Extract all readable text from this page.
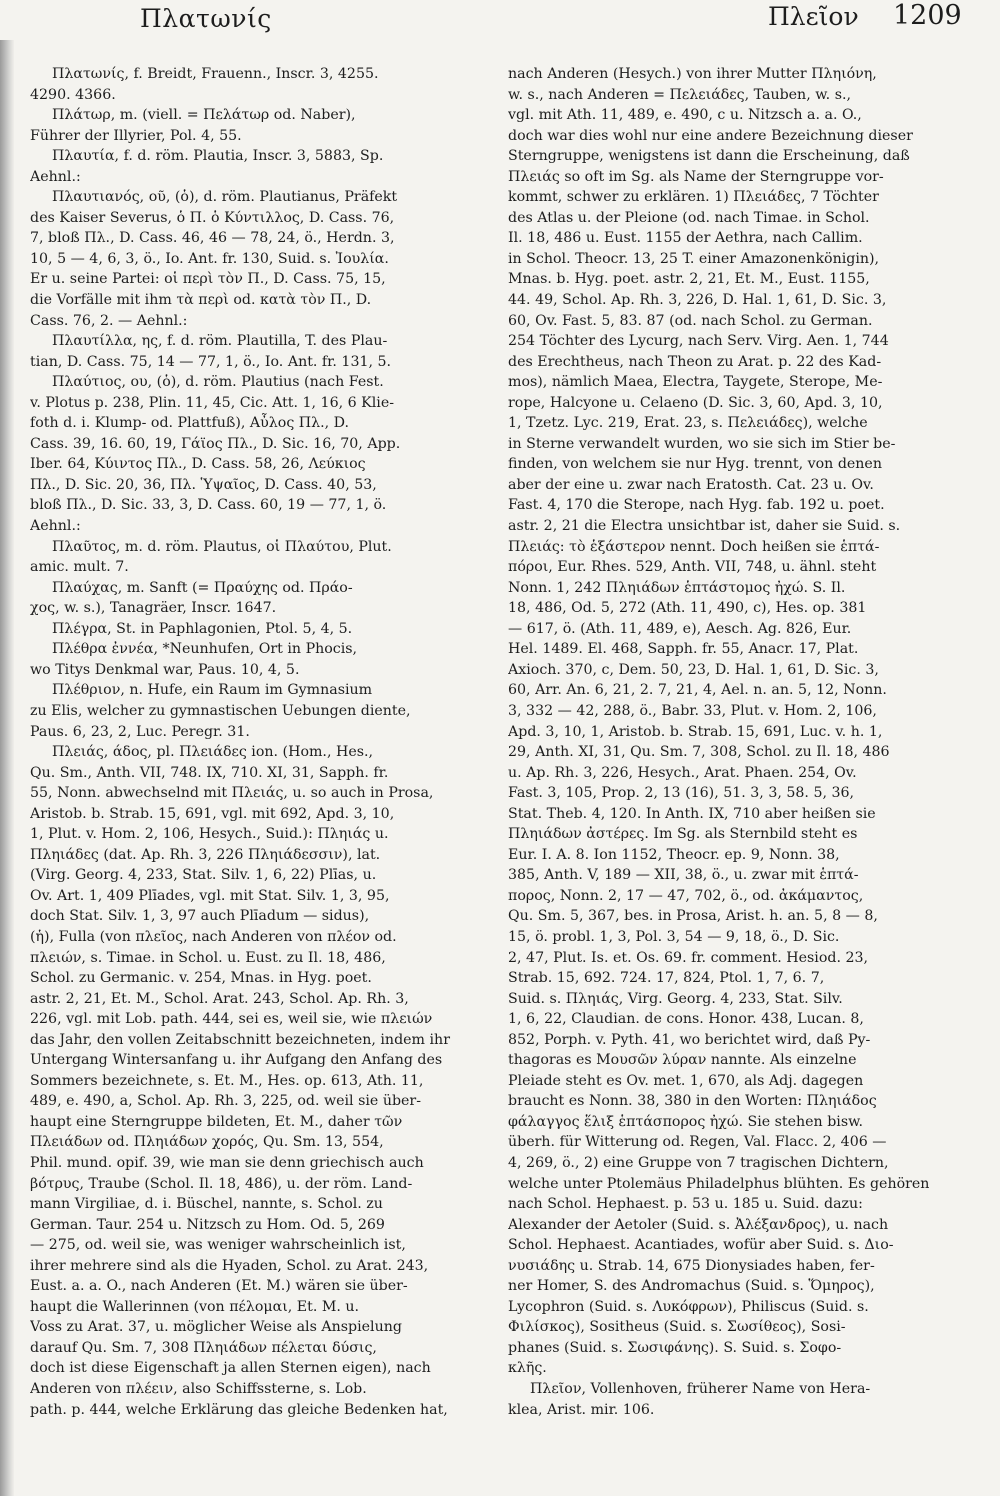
Πλατωνίς	Πλεῖον 1209
Πλατωνίς, f. Breidt, Frauenn., Inscr. 3, 4255.
4290. 4366.
Πλάτωρ, m. (viell. = Πελάτωρ od. Naber),
Führer der Illyrier, Pol. 4, 55.
Πλαυτία, f. d. röm. Plautia, Inscr. 3, 5883, Sp.
Aehnl.:
Πλαυτιανός, οῦ, (ὁ), d. röm. Plautianus, Präfekt
des Kaiser Severus, ὁ Π. ὁ Κύντιλλος, D. Cass. 76,
7, bloß Πλ., D. Cass. 46, 46 — 78, 24, ö., Herdn. 3,
10, 5 — 4, 6, 3, ö., Io. Ant. fr. 130, Suid. s. Ἰουλία.
Er u. seine Partei: οἱ περὶ τὸν Π., D. Cass. 75, 15,
die Vorfälle mit ihm τὰ περὶ od. κατὰ τὸν Π., D.
Cass. 76, 2. — Aehnl.:
Πλαυτίλλα, ης, f. d. röm. Plautilla, T. des Plau-
tian, D. Cass. 75, 14 — 77, 1, ö., Io. Ant. fr. 131, 5.
Πλαύτιος, ου, (ὁ), d. röm. Plautius (nach Fest.
v. Plotus p. 238, Plin. 11, 45, Cic. Att. 1, 16, 6 Klie-
foth d. i. Klump- od. Plattfuß), Αὖλος Πλ., D.
Cass. 39, 16. 60, 19, Γάϊος Πλ., D. Sic. 16, 70, App.
Iber. 64, Κύιντος Πλ., D. Cass. 58, 26, Λεύκιος
Πλ., D. Sic. 20, 36, Πλ. Ὑψαῖος, D. Cass. 40, 53,
bloß Πλ., D. Sic. 33, 3, D. Cass. 60, 19 — 77, 1, ö.
Aehnl.:
Πλαῦτος, m. d. röm. Plautus, οἱ Πλαύτου, Plut.
amic. mult. 7.
Πλαύχας, m. Sanft (= Πραύχης od. Πράο-
χος, w. s.), Tanagräer, Inscr. 1647.
Πλέγρα, St. in Paphlagonien, Ptol. 5, 4, 5.
Πλέθρα ἐννέα, *Neunhufen, Ort in Phocis,
wo Titys Denkmal war, Paus. 10, 4, 5.
Πλέθριον, n. Hufe, ein Raum im Gymnasium
zu Elis, welcher zu gymnastischen Uebungen diente,
Paus. 6, 23, 2, Luc. Peregr. 31.
Πλειάς, άδος, pl. Πλειάδες ion. (Hom., Hes.,
Qu. Sm., Anth. VII, 748. IX, 710. XI, 31, Sapph. fr.
55, Nonn. abwechselnd mit Πλειάς, u. so auch in Prosa,
Aristob. b. Strab. 15, 691, vgl. mit 692, Apd. 3, 10,
1, Plut. v. Hom. 2, 106, Hesych., Suid.): Πληιάς u.
Πληιάδες (dat. Ap. Rh. 3, 226 Πληιάδεσσιν), lat.
(Virg. Georg. 4, 233, Stat. Silv. 1, 6, 22) Plīas, u.
Ov. Art. 1, 409 Plīades, vgl. mit Stat. Silv. 1, 3, 95,
doch Stat. Silv. 1, 3, 97 auch Plīadum — sidus),
(ἡ), Fulla (von πλεῖος, nach Anderen von πλέον od.
πλειών, s. Timae. in Schol. u. Eust. zu Il. 18, 486,
Schol. zu Germanic. v. 254, Mnas. in Hyg. poet.
astr. 2, 21, Et. M., Schol. Arat. 243, Schol. Ap. Rh. 3,
226, vgl. mit Lob. path. 444, sei es, weil sie, wie πλειών
das Jahr, den vollen Zeitabschnitt bezeichneten, indem ihr
Untergang Wintersanfang u. ihr Aufgang den Anfang des
Sommers bezeichnete, s. Et. M., Hes. op. 613, Ath. 11,
489, e. 490, a, Schol. Ap. Rh. 3, 225, od. weil sie über-
haupt eine Sterngruppe bildeten, Et. M., daher τῶν
Πλειάδων od. Πληιάδων χορός, Qu. Sm. 13, 554,
Phil. mund. opif. 39, wie man sie denn griechisch auch
βότρυς, Traube (Schol. Il. 18, 486), u. der röm. Land-
mann Virgiliae, d. i. Büschel, nannte, s. Schol. zu
German. Taur. 254 u. Nitzsch zu Hom. Od. 5, 269
— 275, od. weil sie, was weniger wahrscheinlich ist,
ihrer mehrere sind als die Hyaden, Schol. zu Arat. 243,
Eust. a. a. O., nach Anderen (Et. M.) wären sie über-
haupt die Wallerinnen (von πέλομαι, Et. M. u.
Voss zu Arat. 37, u. möglicher Weise als Anspielung
darauf Qu. Sm. 7, 308 Πληιάδων πέλεται δύσις,
doch ist diese Eigenschaft ja allen Sternen eigen), nach
Anderen von πλέειν, also Schiffssterne, s. Lob.
path. p. 444, welche Erklärung das gleiche Bedenken hat,
nach Anderen (Hesych.) von ihrer Mutter Πληιόνη,
w. s., nach Anderen = Πελειάδες, Tauben, w. s.,
vgl. mit Ath. 11, 489, e. 490, c u. Nitzsch a. a. O.,
doch war dies wohl nur eine andere Bezeichnung dieser
Sterngruppe, wenigstens ist dann die Erscheinung, daß
Πλειάς so oft im Sg. als Name der Sterngruppe vor-
kommt, schwer zu erklären. 1) Πλειάδες, 7 Töchter
des Atlas u. der Pleione (od. nach Timae. in Schol.
Il. 18, 486 u. Eust. 1155 der Aethra, nach Callim.
in Schol. Theocr. 13, 25 T. einer Amazonenkönigin),
Mnas. b. Hyg. poet. astr. 2, 21, Et. M., Eust. 1155,
44. 49, Schol. Ap. Rh. 3, 226, D. Hal. 1, 61, D. Sic. 3,
60, Ov. Fast. 5, 83. 87 (od. nach Schol. zu German.
254 Töchter des Lycurg, nach Serv. Virg. Aen. 1, 744
des Erechtheus, nach Theon zu Arat. p. 22 des Kad-
mos), nämlich Maea, Electra, Taygete, Sterope, Me-
rope, Halcyone u. Celaeno (D. Sic. 3, 60, Apd. 3, 10,
1, Tzetz. Lyc. 219, Erat. 23, s. Πελειάδες), welche
in Sterne verwandelt wurden, wo sie sich im Stier be-
finden, von welchem sie nur Hyg. trennt, von denen
aber der eine u. zwar nach Eratosth. Cat. 23 u. Ov.
Fast. 4, 170 die Sterope, nach Hyg. fab. 192 u. poet.
astr. 2, 21 die Electra unsichtbar ist, daher sie Suid. s.
Πλειάς: τὸ ἑξάστερον nennt. Doch heißen sie ἑπτά-
πόροι, Eur. Rhes. 529, Anth. VII, 748, u. ähnl. steht
Nonn. 1, 242 Πληιάδων ἑπτάστομος ἠχώ. S. Il.
18, 486, Od. 5, 272 (Ath. 11, 490, c), Hes. op. 381
— 617, ö. (Ath. 11, 489, e), Aesch. Ag. 826, Eur.
Hel. 1489. El. 468, Sapph. fr. 55, Anacr. 17, Plat.
Axioch. 370, c, Dem. 50, 23, D. Hal. 1, 61, D. Sic. 3,
60, Arr. An. 6, 21, 2. 7, 21, 4, Ael. n. an. 5, 12, Nonn.
3, 332 — 42, 288, ö., Babr. 33, Plut. v. Hom. 2, 106,
Apd. 3, 10, 1, Aristob. b. Strab. 15, 691, Luc. v. h. 1,
29, Anth. XI, 31, Qu. Sm. 7, 308, Schol. zu Il. 18, 486
u. Ap. Rh. 3, 226, Hesych., Arat. Phaen. 254, Ov.
Fast. 3, 105, Prop. 2, 13 (16), 51. 3, 3, 58. 5, 36,
Stat. Theb. 4, 120. In Anth. IX, 710 aber heißen sie
Πληιάδων ἀστέρες. Im Sg. als Sternbild steht es
Eur. I. A. 8. Ion 1152, Theocr. ep. 9, Nonn. 38,
385, Anth. V, 189 — XII, 38, ö., u. zwar mit ἑπτά-
πορος, Nonn. 2, 17 — 47, 702, ö., od. ἀκάμαντος,
Qu. Sm. 5, 367, bes. in Prosa, Arist. h. an. 5, 8 — 8,
15, ö. probl. 1, 3, Pol. 3, 54 — 9, 18, ö., D. Sic.
2, 47, Plut. Is. et. Os. 69. fr. comment. Hesiod. 23,
Strab. 15, 692. 724. 17, 824, Ptol. 1, 7, 6. 7,
Suid. s. Πληιάς, Virg. Georg. 4, 233, Stat. Silv.
1, 6, 22, Claudian. de cons. Honor. 438, Lucan. 8,
852, Porph. v. Pyth. 41, wo berichtet wird, daß Py-
thagoras es Μουσῶν λύραν nannte. Als einzelne
Pleiade steht es Ov. met. 1, 670, als Adj. dagegen
braucht es Nonn. 38, 380 in den Worten: Πληιάδος
φάλαγγος ἕλιξ ἑπτάσπορος ἠχώ. Sie stehen bisw.
überh. für Witterung od. Regen, Val. Flacc. 2, 406 —
4, 269, ö., 2) eine Gruppe von 7 tragischen Dichtern,
welche unter Ptolemäus Philadelphus blühten. Es gehören
nach Schol. Hephaest. p. 53 u. 185 u. Suid. dazu:
Alexander der Aetoler (Suid. s. Ἀλέξανδρος), u. nach
Schol. Hephaest. Acantiades, wofür aber Suid. s. Διο-
νυσιάδης u. Strab. 14, 675 Dionysiades haben, fer-
ner Homer, S. des Andromachus (Suid. s. Ὅμηρος),
Lycophron (Suid. s. Λυκόφρων), Philiscus (Suid. s.
Φιλίσκος), Sositheus (Suid. s. Σωσίθεος), Sosi-
phanes (Suid. s. Σωσιφάνης). S. Suid. s. Σοφο-
κλῆς.
Πλεῖον, Vollenhoven, früherer Name von Hera-
klea, Arist. mir. 106.
